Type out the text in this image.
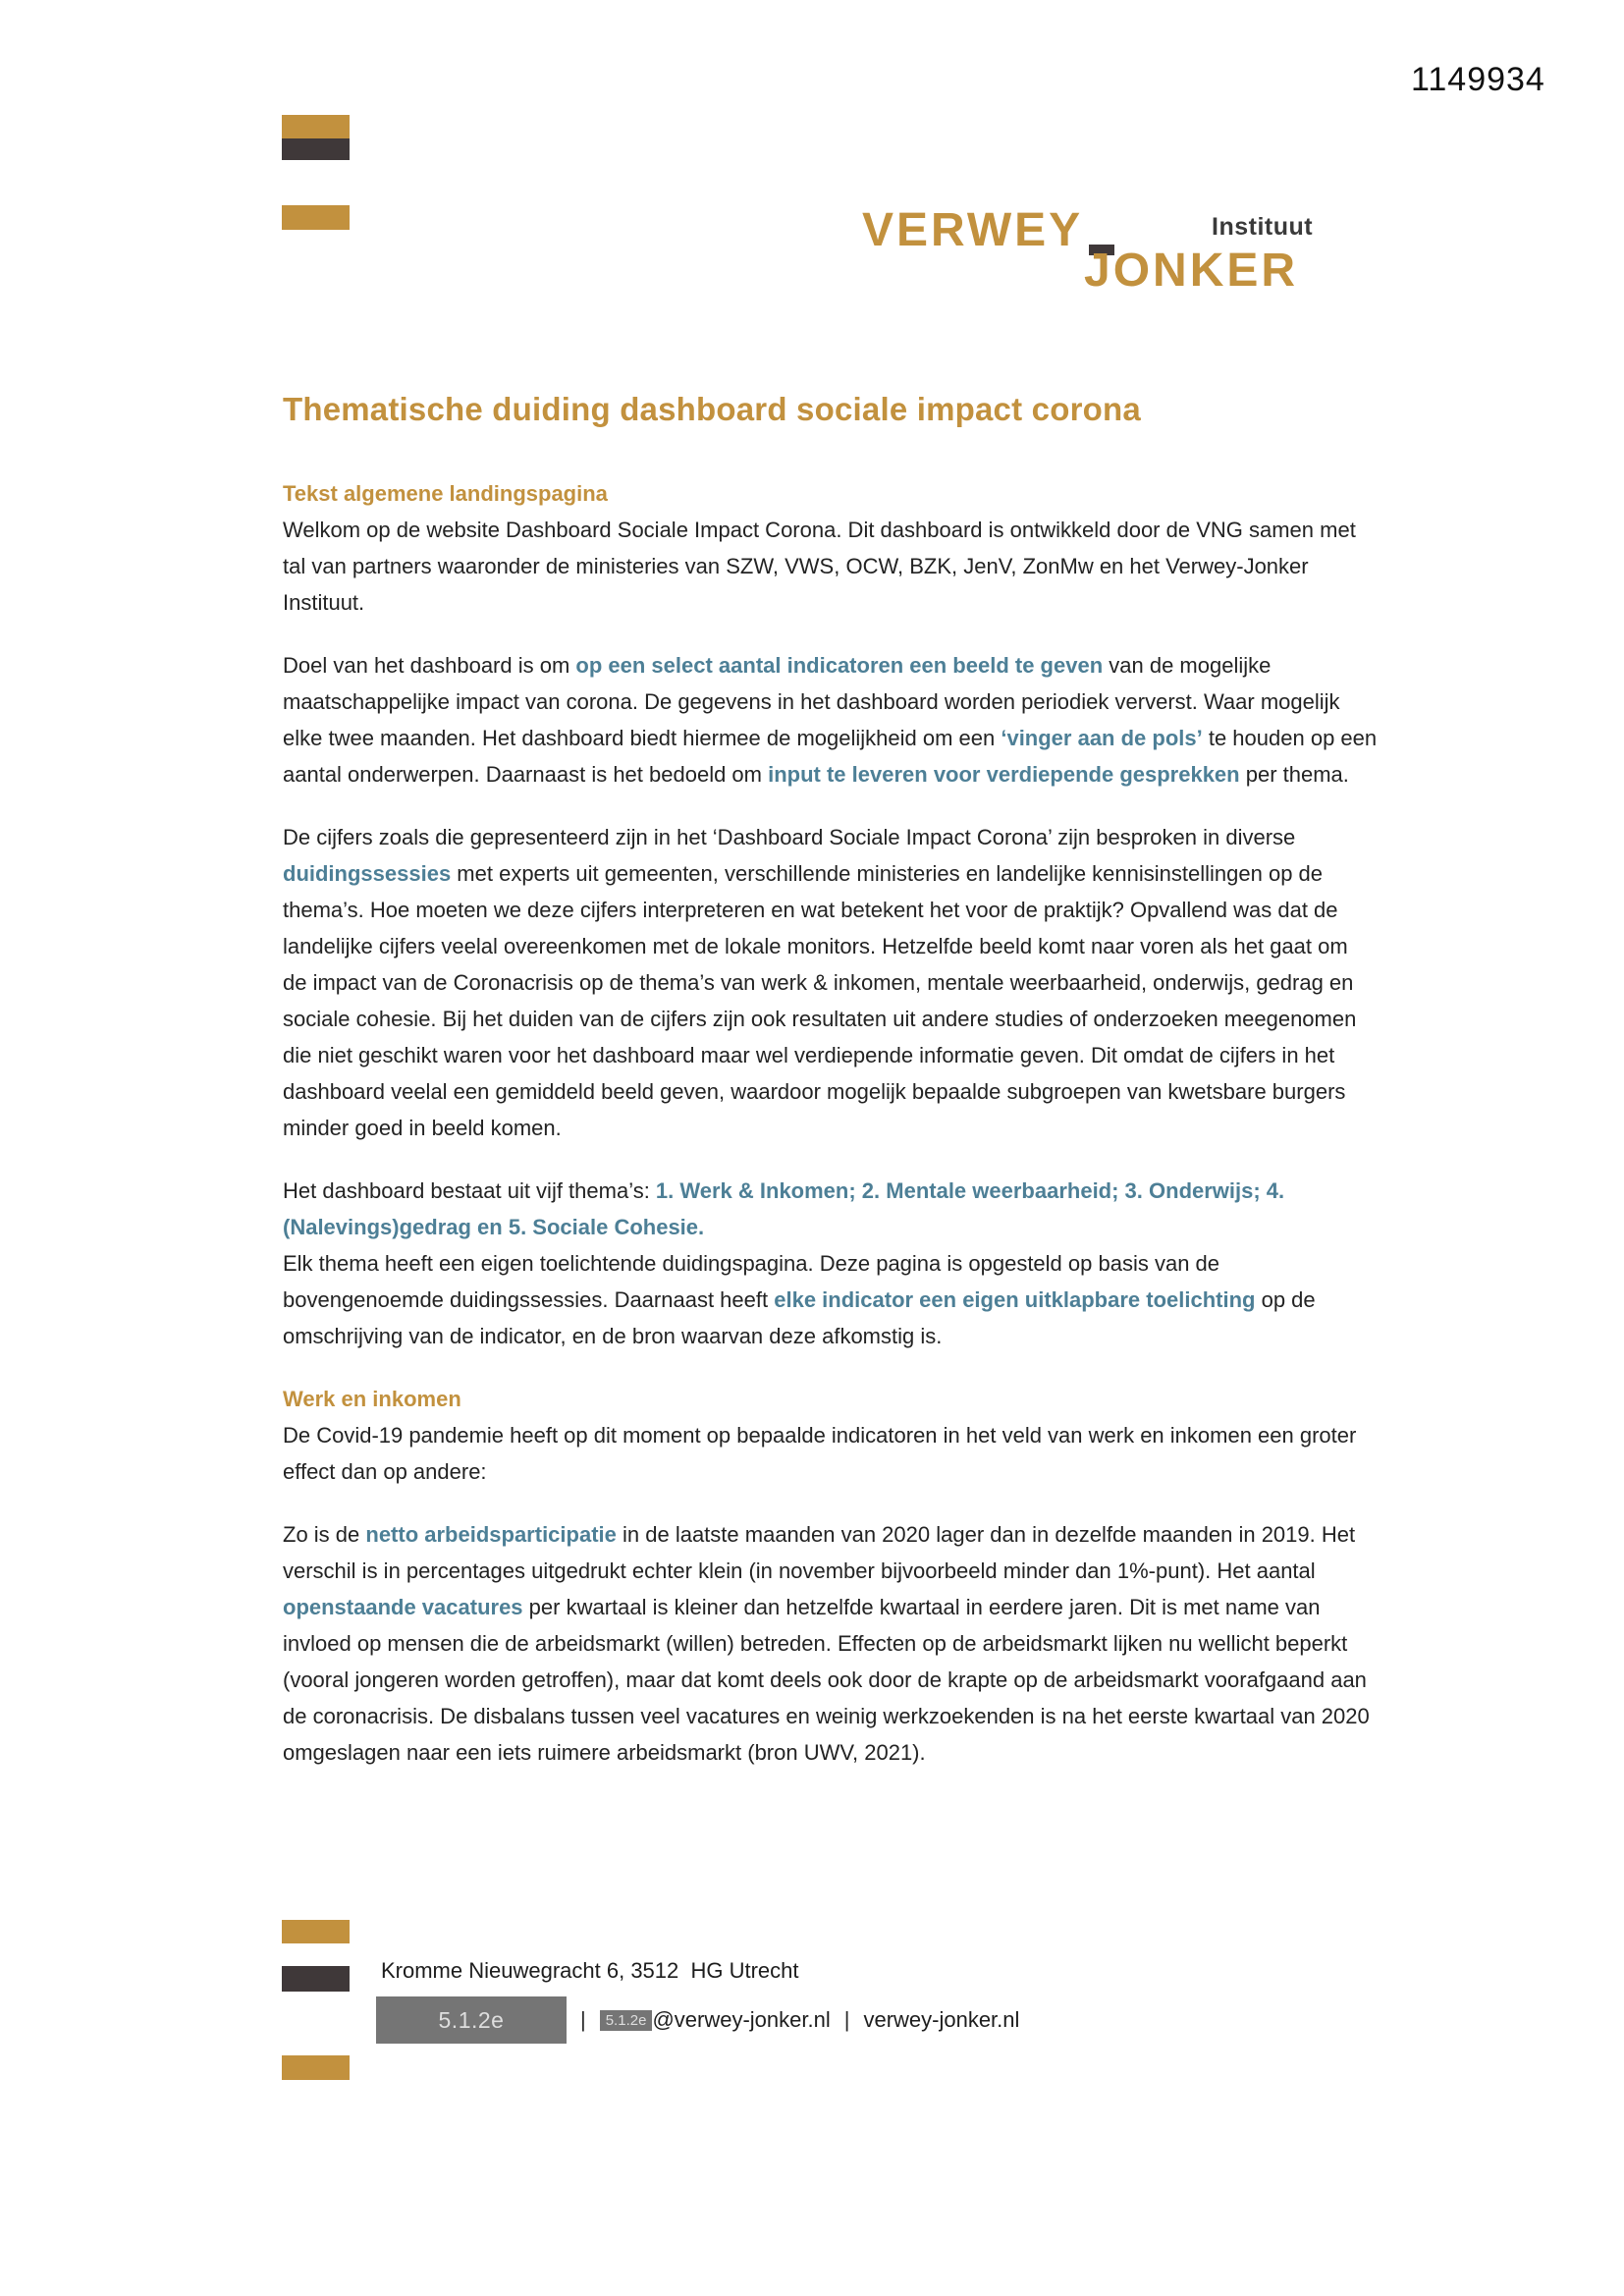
1149934
VERWEY
JONKER
Instituut
Thematische duiding dashboard sociale impact corona
Tekst algemene landingspagina

Welkom op de website Dashboard Sociale Impact Corona. Dit dashboard is ontwikkeld door de VNG samen met tal van partners waaronder de ministeries van SZW, VWS, OCW, BZK, JenV, ZonMw en het Verwey-Jonker Instituut.

Doel van het dashboard is om op een select aantal indicatoren een beeld te geven van de mogelijke maatschappelijke impact van corona. De gegevens in het dashboard worden periodiek ververst. Waar mogelijk elke twee maanden. Het dashboard biedt hiermee de mogelijkheid om een ‘vinger aan de pols’ te houden op een aantal onderwerpen. Daarnaast is het bedoeld om input te leveren voor verdiepende gesprekken per thema.

De cijfers zoals die gepresenteerd zijn in het ‘Dashboard Sociale Impact Corona’ zijn besproken in diverse duidingssessies met experts uit gemeenten, verschillende ministeries en landelijke kennisinstellingen op de thema’s. Hoe moeten we deze cijfers interpreteren en wat betekent het voor de praktijk? Opvallend was dat de landelijke cijfers veelal overeenkomen met de lokale monitors. Hetzelfde beeld komt naar voren als het gaat om de impact van de Coronacrisis op de thema’s van werk & inkomen, mentale weerbaarheid, onderwijs, gedrag en sociale cohesie. Bij het duiden van de cijfers zijn ook resultaten uit andere studies of onderzoeken meegenomen die niet geschikt waren voor het dashboard maar wel verdiepende informatie geven. Dit omdat de cijfers in het dashboard veelal een gemiddeld beeld geven, waardoor mogelijk bepaalde subgroepen van kwetsbare burgers minder goed in beeld komen.

Het dashboard bestaat uit vijf thema’s: 1. Werk & Inkomen; 2. Mentale weerbaarheid; 3. Onderwijs; 4. (Nalevings)gedrag en 5. Sociale Cohesie.
Elk thema heeft een eigen toelichtende duidingspagina. Deze pagina is opgesteld op basis van de bovengenoemde duidingssessies. Daarnaast heeft elke indicator een eigen uitklapbare toelichting op de omschrijving van de indicator, en de bron waarvan deze afkomstig is.

Werk en inkomen

De Covid-19 pandemie heeft op dit moment op bepaalde indicatoren in het veld van werk en inkomen een groter effect dan op andere:

Zo is de netto arbeidsparticipatie in de laatste maanden van 2020 lager dan in dezelfde maanden in 2019. Het verschil is in percentages uitgedrukt echter klein (in november bijvoorbeeld minder dan 1%-punt). Het aantal openstaande vacatures per kwartaal is kleiner dan hetzelfde kwartaal in eerdere jaren. Dit is met name van invloed op mensen die de arbeidsmarkt (willen) betreden. Effecten op de arbeidsmarkt lijken nu wellicht beperkt (vooral jongeren worden getroffen), maar dat komt deels ook door de krapte op de arbeidsmarkt voorafgaand aan de coronacrisis. De disbalans tussen veel vacatures en weinig werkzoekenden is na het eerste kwartaal van 2020 omgeslagen naar een iets ruimere arbeidsmarkt (bron UWV, 2021).

Kromme Nieuwegracht 6, 3512  HG Utrecht
5.1.2e	|	5.1.2e @verwey-jonker.nl | verwey-jonker.nl
